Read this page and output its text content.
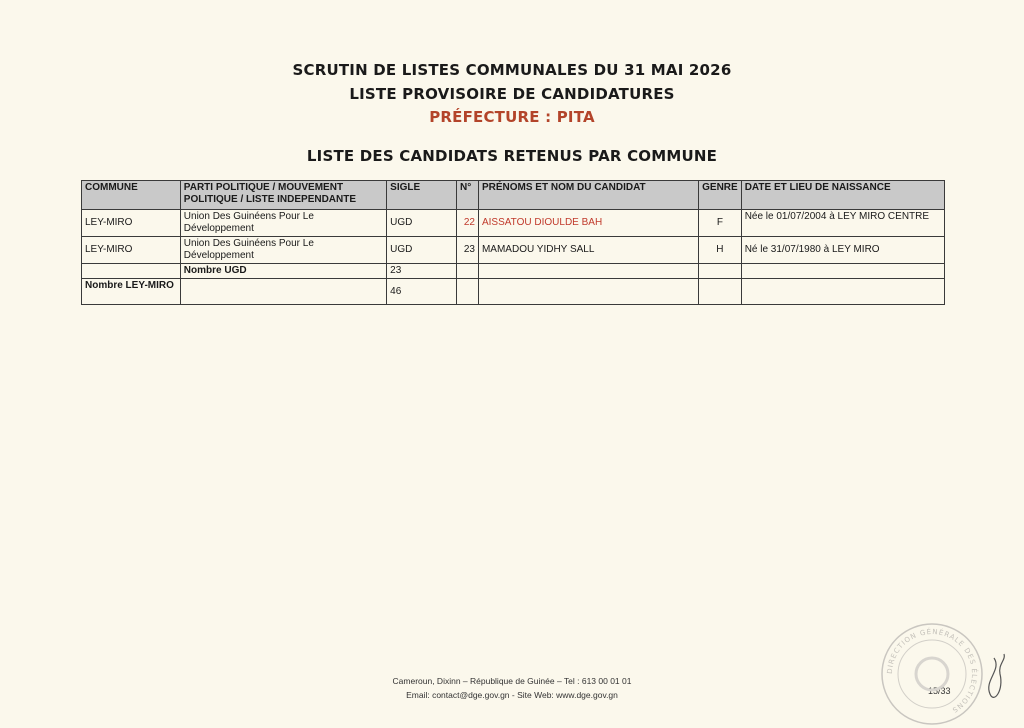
SCRUTIN DE LISTES COMMUNALES DU 31 MAI 2026
LISTE PROVISOIRE DE CANDIDATURES
PRÉFECTURE : PITA
LISTE DES CANDIDATS RETENUS PAR COMMUNE
COMMUNE	PARTI POLITIQUE / MOUVEMENT POLITIQUE / LISTE INDEPENDANTE	SIGLE	N°	PRÉNOMS ET NOM DU CANDIDAT	GENRE	DATE ET LIEU DE NAISSANCE
LEY-MIRO	Union Des Guinéens Pour Le Développement	UGD	22	AISSATOU DIOULDE BAH	F	Née le 01/07/2004 à LEY MIRO CENTRE
LEY-MIRO	Union Des Guinéens Pour Le Développement	UGD	23	MAMADOU YIDHY SALL	H	Né le 31/07/1980 à LEY MIRO
	Nombre UGD	23				
Nombre LEY-MIRO		46				
Cameroun, Dixinn – République de Guinée – Tel : 613 00 01 01
Email: contact@dge.gov.gn - Site Web: www.dge.gov.gn	15/33
DIRECTION GÉNÉRALE DES ÉLECTIONS
